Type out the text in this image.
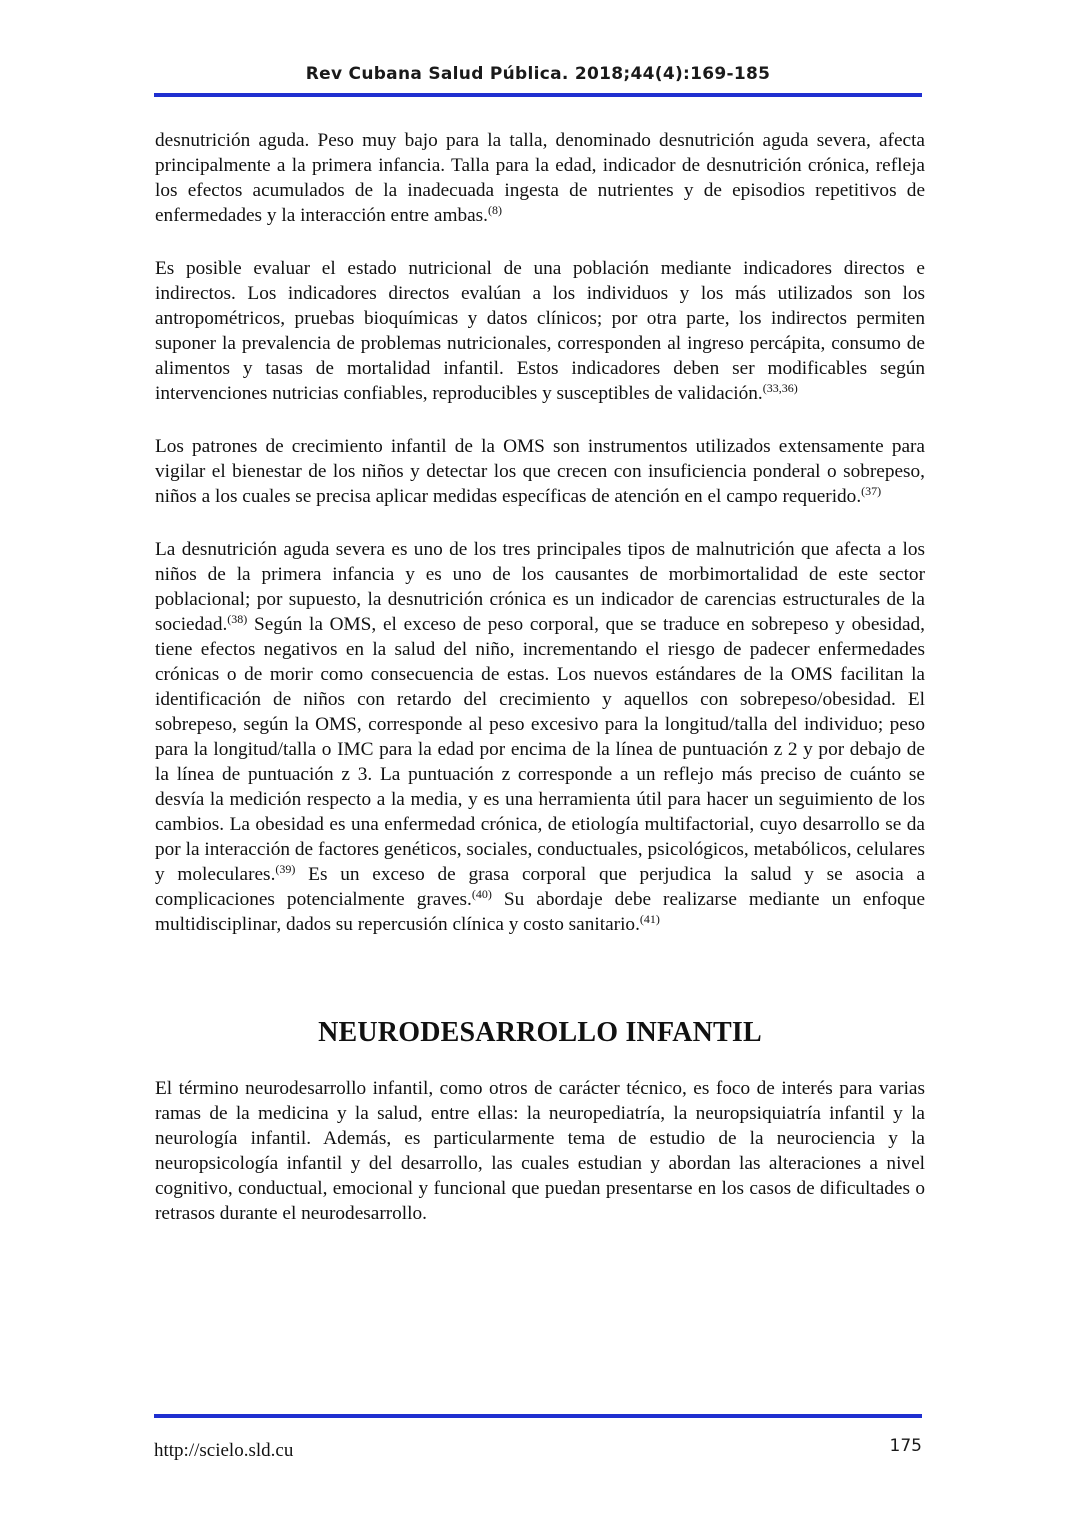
Rev Cubana Salud Pública. 2018;44(4):169-185

desnutrición aguda. Peso muy bajo para la talla, denominado desnutrición aguda severa, afecta principalmente a la primera infancia. Talla para la edad, indicador de desnutrición crónica, refleja los efectos acumulados de la inadecuada ingesta de nutrientes y de episodios repetitivos de enfermedades y la interacción entre ambas.$^{(8)}$

Es posible evaluar el estado nutricional de una población mediante indicadores directos e indirectos. Los indicadores directos evalúan a los individuos y los más utilizados son los antropométricos, pruebas bioquímicas y datos clínicos; por otra parte, los indirectos permiten suponer la prevalencia de problemas nutricionales, corresponden al ingreso percápita, consumo de alimentos y tasas de mortalidad infantil. Estos indicadores deben ser modificables según intervenciones nutricias confiables, reproducibles y susceptibles de validación.$^{(33,36)}$

Los patrones de crecimiento infantil de la OMS son instrumentos utilizados extensamente para vigilar el bienestar de los niños y detectar los que crecen con insuficiencia ponderal o sobrepeso, niños a los cuales se precisa aplicar medidas específicas de atención en el campo requerido.$^{(37)}$

La desnutrición aguda severa es uno de los tres principales tipos de malnutrición que afecta a los niños de la primera infancia y es uno de los causantes de morbimortalidad de este sector poblacional; por supuesto, la desnutrición crónica es un indicador de carencias estructurales de la sociedad.$^{(38)}$ Según la OMS, el exceso de peso corporal, que se traduce en sobrepeso y obesidad, tiene efectos negativos en la salud del niño, incrementando el riesgo de padecer enfermedades crónicas o de morir como consecuencia de estas. Los nuevos estándares de la OMS facilitan la identificación de niños con retardo del crecimiento y aquellos con sobrepeso/obesidad. El sobrepeso, según la OMS, corresponde al peso excesivo para la longitud/talla del individuo; peso para la longitud/talla o IMC para la edad por encima de la línea de puntuación z 2 y por debajo de la línea de puntuación z 3. La puntuación z corresponde a un reflejo más preciso de cuánto se desvía la medición respecto a la media, y es una herramienta útil para hacer un seguimiento de los cambios. La obesidad es una enfermedad crónica, de etiología multifactorial, cuyo desarrollo se da por la interacción de factores genéticos, sociales, conductuales, psicológicos, metabólicos, celulares y moleculares.$^{(39)}$ Es un exceso de grasa corporal que perjudica la salud y se asocia a complicaciones potencialmente graves.$^{(40)}$ Su abordaje debe realizarse mediante un enfoque multidisciplinar, dados su repercusión clínica y costo sanitario.$^{(41)}$

NEURODESARROLLO INFANTIL

El término neurodesarrollo infantil, como otros de carácter técnico, es foco de interés para varias ramas de la medicina y la salud, entre ellas: la neuropediatría, la neuropsiquiatría infantil y la neurología infantil. Además, es particularmente tema de estudio de la neurociencia y la neuropsicología infantil y del desarrollo, las cuales estudian y abordan las alteraciones a nivel cognitivo, conductual, emocional y funcional que puedan presentarse en los casos de dificultades o retrasos durante el neurodesarrollo.

http://scielo.sld.cu	175
